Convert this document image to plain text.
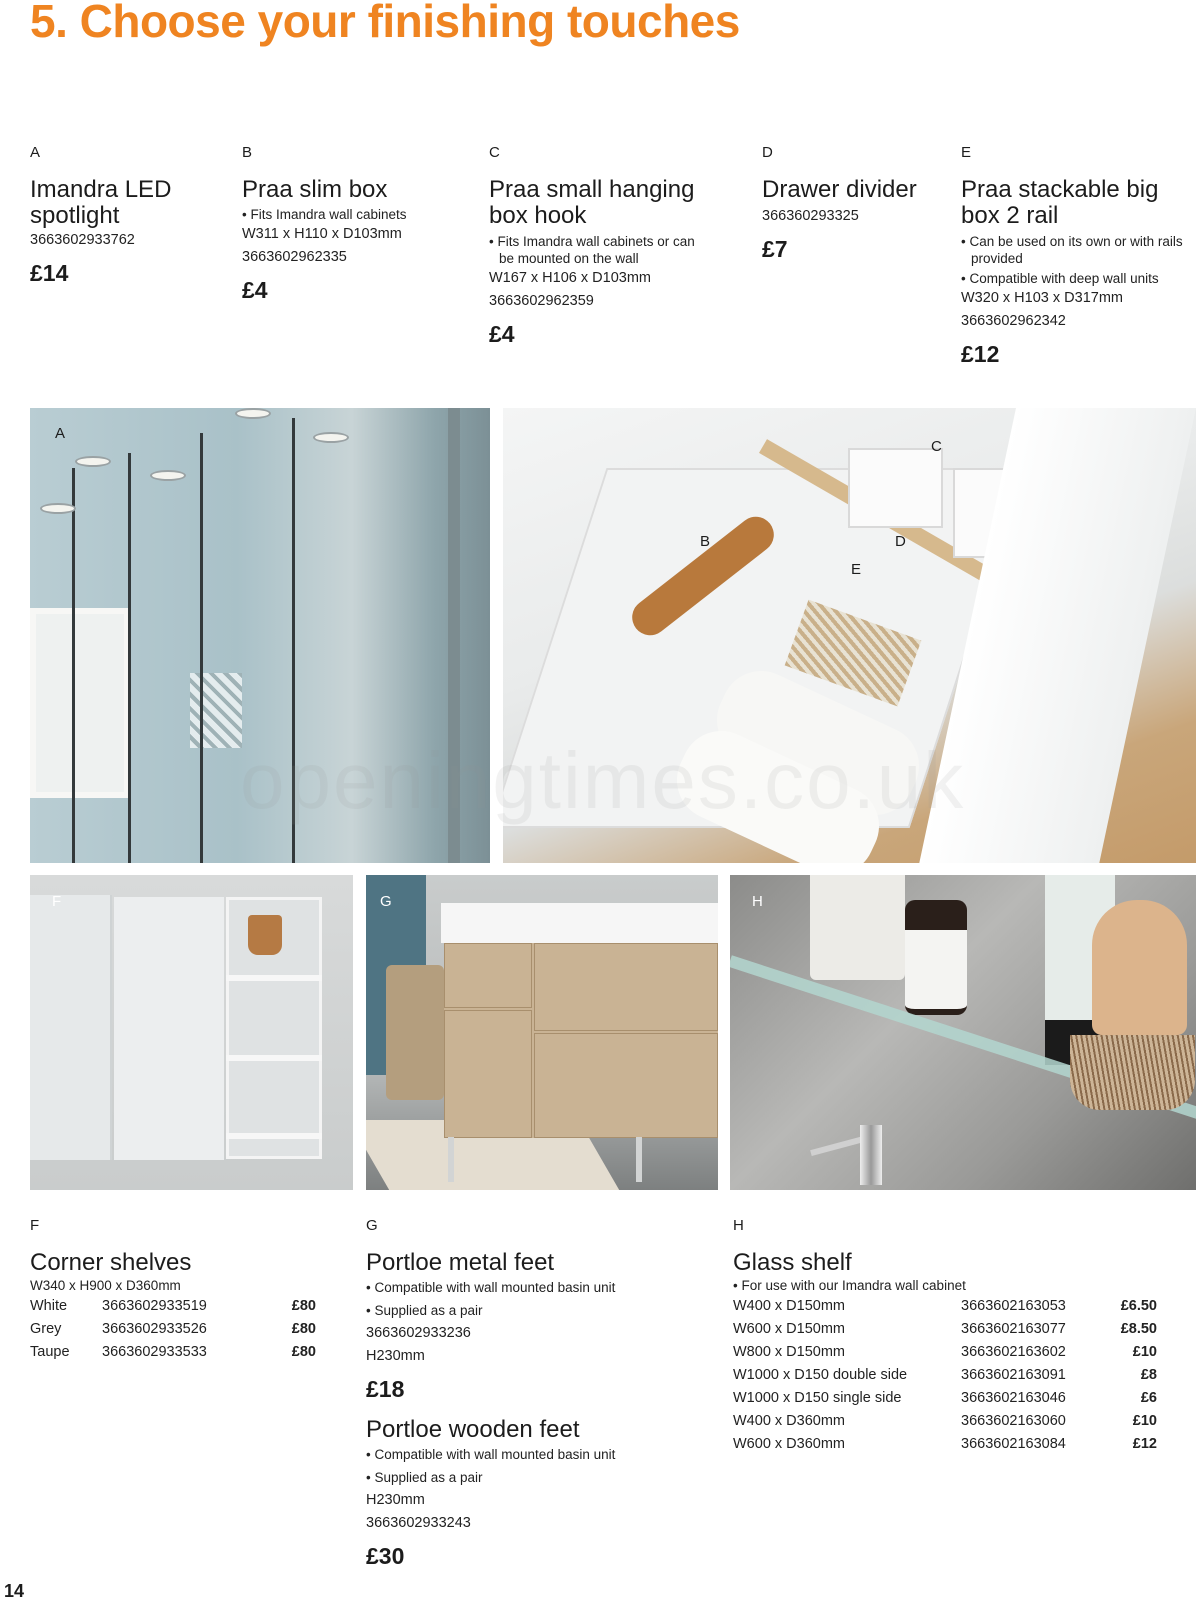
5. Choose your finishing touches
A
Imandra LED spotlight
3663602933762
£14
B
Praa slim box
• Fits Imandra wall cabinets
W311 x H110 x D103mm
3663602962335
£4
C
Praa small hanging box hook
• Fits Imandra wall cabinets or can be mounted on the wall
W167 x H106 x D103mm
3663602962359
£4
D
Drawer divider
366360293325
£7
E
Praa stackable big box 2 rail
• Can be used on its own or with rails provided
• Compatible with deep wall units
W320 x H103 x D317mm
3663602962342
£12
A
B
C
D
E
openingtimes.co.uk
F	G	H
F
Corner shelves
W340 x H900 x D360mm
White	3663602933519	£80
Grey	3663602933526	£80
Taupe	3663602933533	£80
G
Portloe metal feet
• Compatible with wall mounted basin unit
• Supplied as a pair
3663602933236
H230mm
£18
Portloe wooden feet
• Compatible with wall mounted basin unit
• Supplied as a pair
H230mm
3663602933243
£30
H
Glass shelf
• For use with our Imandra wall cabinet
W400 x D150mm	3663602163053	£6.50
W600 x D150mm	3663602163077	£8.50
W800 x D150mm	3663602163602	£10
W1000 x D150 double side	3663602163091	£8
W1000 x D150 single side	3663602163046	£6
W400 x D360mm	3663602163060	£10
W600 x D360mm	3663602163084	£12
14
